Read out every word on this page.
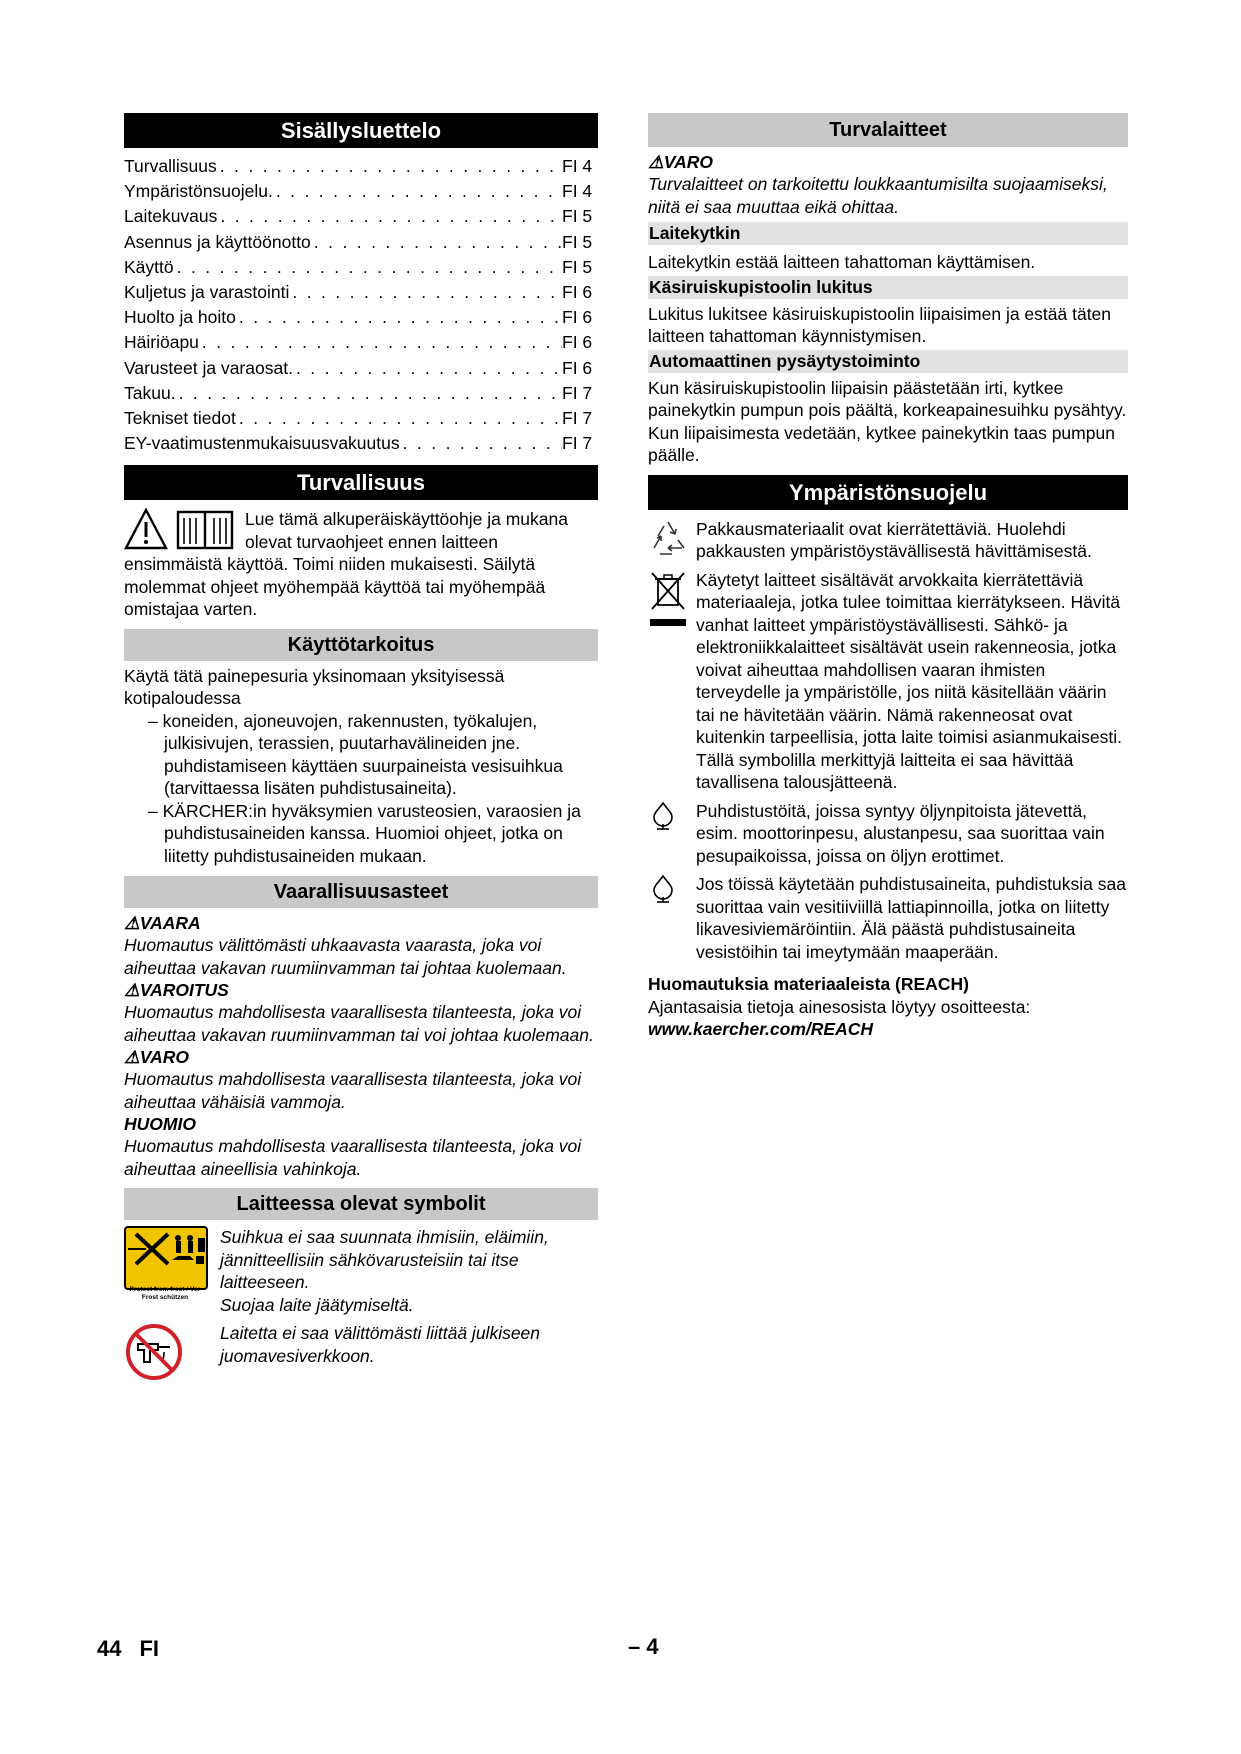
Sisällysluettelo
Turvallisuus . . .	FI 4
Ympäristönsuojelu. . . .	FI 4
Laitekuvaus . . .	FI 5
Asennus ja käyttöönotto . . .	FI 5
Käyttö . . .	FI 5
Kuljetus ja varastointi . . .	FI 6
Huolto ja hoito . . .	FI 6
Häiriöapu . . .	FI 6
Varusteet ja varaosat. . . .	FI 6
Takuu. . . .	FI 7
Tekniset tiedot . . .	FI 7
EY-vaatimustenmukaisuusvakuutus . . .	FI 7
Turvallisuus

Lue tämä alkuperäiskäyttöohje ja mukana olevat turvaohjeet ennen laitteen ensimmäistä käyttöä. Toimi niiden mukaisesti. Säilytä molemmat ohjeet myöhempää käyttöä tai myöhempää omistajaa varten.

Käyttötarkoitus

Käytä tätä painepesuria yksinomaan yksityisessä kotipaloudessa

– koneiden, ajoneuvojen, rakennusten, työkalujen, julkisivujen, terassien, puutarhavälineiden jne. puhdistamiseen käyttäen suurpaineista vesisuihkua (tarvittaessa lisäten puhdistusaineita).

– KÄRCHER:in hyväksymien varusteosien, varaosien ja puhdistusaineiden kanssa. Huomioi ohjeet, jotka on liitetty puhdistusaineiden mukaan.

Vaarallisuusasteet
⚠VAARA

Huomautus välittömästi uhkaavasta vaarasta, joka voi aiheuttaa vakavan ruumiinvamman tai johtaa kuolemaan.

⚠VAROITUS

Huomautus mahdollisesta vaarallisesta tilanteesta, joka voi aiheuttaa vakavan ruumiinvamman tai voi johtaa kuolemaan.

⚠VARO

Huomautus mahdollisesta vaarallisesta tilanteesta, joka voi aiheuttaa vähäisiä vammoja.

HUOMIO

Huomautus mahdollisesta vaarallisesta tilanteesta, joka voi aiheuttaa aineellisia vahinkoja.

Laitteessa olevat symbolit

Suihkua ei saa suunnata ihmisiin, eläimiin, jännitteellisiin sähkövarusteisiin tai itse laitteeseen.

Suojaa laite jäätymiseltä.

Protect from frost / Vor Frost schützen

Laitetta ei saa välittömästi liittää julkiseen juomavesiverkkoon.

Turvalaitteet
⚠VARO

Turvalaitteet on tarkoitettu loukkaantumisilta suojaamiseksi, niitä ei saa muuttaa eikä ohittaa.

Laitekytkin

Laitekytkin estää laitteen tahattoman käyttämisen.

Käsiruiskupistoolin lukitus

Lukitus lukitsee käsiruiskupistoolin liipaisimen ja estää täten laitteen tahattoman käynnistymisen.

Automaattinen pysäytystoiminto

Kun käsiruiskupistoolin liipaisin päästetään irti, kytkee painekytkin pumpun pois päältä, korkeapainesuihku pysähtyy. Kun liipaisimesta vedetään, kytkee painekytkin taas pumpun päälle.

Ympäristönsuojelu

Pakkausmateriaalit ovat kierrätettäviä. Huolehdi pakkausten ympäristöystävällisestä hävittämisestä.

Käytetyt laitteet sisältävät arvokkaita kierrätettäviä materiaaleja, jotka tulee toimittaa kierrätykseen. Hävitä vanhat laitteet ympäristöystävällisesti. Sähkö- ja elektroniikkalaitteet sisältävät usein rakenneosia, jotka voivat aiheuttaa mahdollisen vaaran ihmisten terveydelle ja ympäristölle, jos niitä käsitellään väärin tai ne hävitetään väärin. Nämä rakenneosat ovat kuitenkin tarpeellisia, jotta laite toimisi asianmukaisesti. Tällä symbolilla merkittyjä laitteita ei saa hävittää tavallisena talousjätteenä.

Puhdistustöitä, joissa syntyy öljynpitoista jätevettä, esim. moottorinpesu, alustanpesu, saa suorittaa vain pesupaikoissa, joissa on öljyn erottimet.

Jos töissä käytetään puhdistusaineita, puhdistuksia saa suorittaa vain vesitiiviillä lattiapinnoilla, jotka on liitetty likavesiviemäröintiin. Älä päästä puhdistusaineita vesistöihin tai imeytymään maaperään.

Huomautuksia materiaaleista (REACH)

Ajantasaisia tietoja ainesosista löytyy osoitteesta:

www.kaercher.com/REACH

44 FI	– 4
